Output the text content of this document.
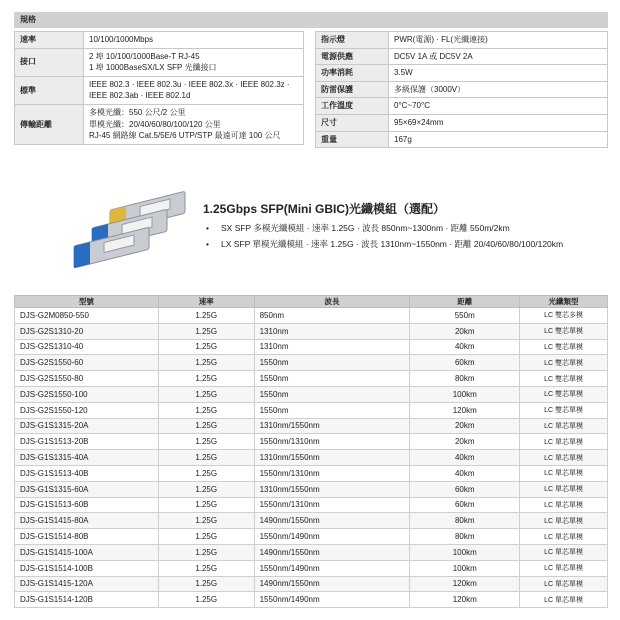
規格
速率	10/100/1000Mbps

接口	2 埠 10/100/1000Base-T RJ-45
1 埠 1000BaseSX/LX SFP 光纖接口

標準	IEEE 802.3 · IEEE 802.3u · IEEE 802.3x · IEEE 802.3z · IEEE 802.3ab · IEEE 802.1d

傳輸距離	多模光纖：550 公尺/2 公里
單模光纖：20/40/60/80/100/120 公里
RJ-45 網路線 Cat.5/5E/6 UTP/STP 最遠可達 100 公尺
指示燈	PWR(電源) · FL(光纖連接)
電源供應	DC5V 1A 或 DC5V 2A
功率消耗	3.5W
防雷保護	多級保護（3000V）
工作溫度	0°C~70°C
尺寸	95×69×24mm
重量	167g
1.25Gbps SFP(Mini GBIC)光纖模組（選配）
• SX SFP 多模光纖模組 · 速率 1.25G · 波長 850nm~1300nm · 距離 550m/2km
• LX SFP 單模光纖模組 · 速率 1.25G · 波長 1310nm~1550nm · 距離 20/40/60/80/100/120km
型號	速率	波長	距離	光纖類型
DJS-G2M0850-550	1.25G	850nm	550m	LC 雙芯多模
DJS-G2S1310-20	1.25G	1310nm	20km	LC 雙芯單模
DJS-G2S1310-40	1.25G	1310nm	40km	LC 雙芯單模
DJS-G2S1550-60	1.25G	1550nm	60km	LC 雙芯單模
DJS-G2S1550-80	1.25G	1550nm	80km	LC 雙芯單模
DJS-G2S1550-100	1.25G	1550nm	100km	LC 雙芯單模
DJS-G2S1550-120	1.25G	1550nm	120km	LC 雙芯單模
DJS-G1S1315-20A	1.25G	1310nm/1550nm	20km	LC 單芯單模
DJS-G1S1513-20B	1.25G	1550nm/1310nm	20km	LC 單芯單模
DJS-G1S1315-40A	1.25G	1310nm/1550nm	40km	LC 單芯單模
DJS-G1S1513-40B	1.25G	1550nm/1310nm	40km	LC 單芯單模
DJS-G1S1315-60A	1.25G	1310nm/1550nm	60km	LC 單芯單模
DJS-G1S1513-60B	1.25G	1550nm/1310nm	60km	LC 單芯單模
DJS-G1S1415-80A	1.25G	1490nm/1550nm	80km	LC 單芯單模
DJS-G1S1514-80B	1.25G	1550nm/1490nm	80km	LC 單芯單模
DJS-G1S1415-100A	1.25G	1490nm/1550nm	100km	LC 單芯單模
DJS-G1S1514-100B	1.25G	1550nm/1490nm	100km	LC 單芯單模
DJS-G1S1415-120A	1.25G	1490nm/1550nm	120km	LC 單芯單模
DJS-G1S1514-120B	1.25G	1550nm/1490nm	120km	LC 單芯單模
